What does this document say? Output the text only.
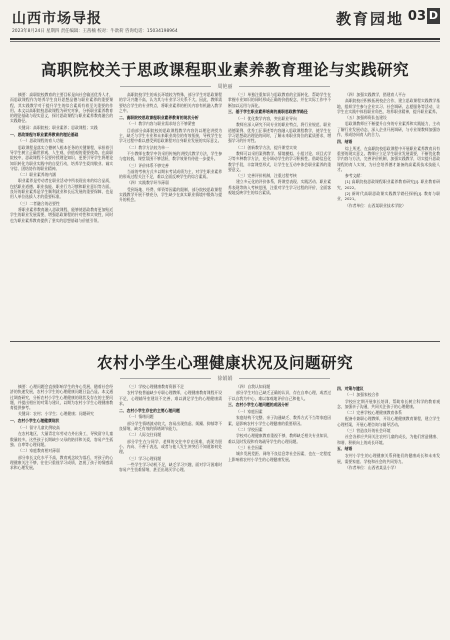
山西市场导报
2023年8月24日 星期四 责任编辑：王茜楠 校对：牛歆荷 咨询电话：15034198964
教育园地 03 D
高职院校关于思政课程职业素养教育理论与实践研究
周艳丽

摘要：高职院校教育的主要目标是向社会输送优秀人才，而思政课程作为培养学生良好思想品德与职业素养的重要课程，其实践教学对于提升学生的综合素质有着至关重要的作用。本文以高职院校思政课程为研究对象，分析职业素养教育的理论基础与现实意义，探讨思政课程与职业素养教育融合的实践路径。

关键词：高职院校；职业素养；思政课程；实践

一、思政课程与职业素养教育的理论基础

（一）思政课程的育人功能

思政课程是落实立德树人根本任务的关键课程，承担着引导学生树立正确世界观、人生观、价值观的重要使命。在高职院校中，思政课程不仅要传授理论知识，更要引导学生将理论知识转化为职业实践中的自觉行动，培养学生爱岗敬业、诚实守信、团结协作的职业精神。

（二）职业素养的内涵

职业素养是劳动者在职业活动中所表现出来的综合品质，包括职业道德、职业技能、职业行为习惯和职业意识等方面。良好的职业素养是学生顺利就业和长远发展的重要保障，也是用人单位选拔人才的重要标准。

（三）二者融合的必要性

将职业素养教育融入思政课程，能够使思政教育更加贴近学生的职业发展需要，增强思政课程的针对性和实效性，同时也为职业素养教育提供了坚实的思想基础与价值引领。

高职院校学生的成长环境较为特殊，部分学生对思政课程的学习兴趣不高，认为其与专业学习关系不大。因此，教师需要结合学生的专业特点，将职业素养的相关内容有机融入教学之中。

二、高职院校思政课程职业素养教育的现状分析

（一）教学内容与职业需求结合不够紧密

目前部分高职院校的思政课程教学内容仍以理论讲授为主，缺乏与学生专业和未来职业岗位的有效衔接，导致学生在学习过程中难以感受到思政课程对自身职业发展的实际意义。

（二）教学方法较为单一

不少教师在教学中仍采用传统的讲授式教学方法，学生参与度较低，课堂氛围不够活跃，教学效果有待进一步提升。

（三）评价体系不够完善

当前的考核方式多以期末考试成绩为主，对学生职业素养的形成过程关注不足，难以全面反映学生的综合素质。

（四）实践教学环节薄弱

受到场地、经费、师资等因素的限制，部分院校思政课程实践教学开展不够充分，学生缺少在真实职业情境中锻炼与提升的机会。

（三）单独注重知识与思政教育的全面转化，帮助学生在掌握专业知识的同时形成正确的价值观念，并在实际工作中不断加以运用与深化。

三、基于学生职业素养培育的高职思政教学路径

（一）优化教学内容，突出职业导向

教师应深入研究不同专业的职业特点，将行业规范、职业道德案例、优秀工匠事迹等内容融入思政课程教学，使学生在学习思想政治理论的同时，了解未来职业岗位的素质要求，增强学习的针对性。

（二）创新教学方法，提升课堂实效

教师可以采用案例教学、情境模拟、小组讨论、项目式学习等多种教学方法，充分调动学生的学习积极性。借助信息化教学手段，丰富课堂形式，让学生在互动中体会职业素养的重要意义。

（三）完善评价机制，注重过程考核

建立多元化的评价体系，将课堂表现、实践活动、职业素养表现等纳入考核范围，注重对学生学习过程的评价，全面客观地反映学生的综合素质。

（四）加强实践教学，搭建育人平台

高职院校应积极拓展校企合作，建立思政课程实践教学基地，组织学生参与企业实习、社会调研、志愿服务等活动，让学生在实践中体验职业角色，培养职业精神，提升职业素养。

（五）加强师资队伍建设

思政课教师应不断提升自身的专业素养和实践能力，主动了解行业发展动态，深入企业开展调研，与专业课教师加强协作，形成协同育人的合力。

四、结语

综上所述，在高职院校思政课程中开展职业素养教育具有重要的现实意义。教师应立足学生职业发展需要，不断优化教学内容与方法，完善评价机制，加强实践教学，切实提升思政课程的育人实效，为社会培养德才兼备的高素质技术技能人才。

参考文献：

[1] 高职院校思政课程职业素养教育研究[J]. 职业教育研究，2022。

[2] 新时代高职思政课实践教学路径探析[J]. 教育与职业，2021。

（作者单位：山西某职业技术学院）

农村小学生心理健康状况及问题研究
徐娟娟

摘要：心理问题会直接影响学生的身心发展，随着社会经济的快速发展，农村小学生的心理健康问题日益凸显。本文通过调查研究，分析农村小学生心理健康的现状及存在的主要问题，并提出相应的对策与建议，以期为农村小学生心理健康教育提供参考。

关键词：农村；小学生；心理健康；问题研究

一、农村小学生心理健康现状

（一）留守儿童比例较高

在农村地区，大量青壮年劳动力外出务工，导致留守儿童数量较多。这些孩子长期缺少父母的陪伴和关爱，容易产生孤独、自卑等心理问题。

（二）家庭教育相对薄弱

部分家长文化水平不高，教育观念较为落后，对孩子的心理健康关注不够，往往只重视学习成绩，忽视了孩子的情感需求和心理发展。

（三）学校心理健康教育资源不足

农村学校普遍缺少专职心理教师，心理健康教育课程开设不足，心理辅导室建设不完善，难以满足学生的心理健康需求。

二、农村小学生存在的主要心理问题

（一）情绪问题

部分学生情绪波动较大，容易出现焦虑、烦躁、抑郁等不良情绪，缺乏有效的情绪调节能力。

（二）人际交往问题

部分学生在与同学、老师的交往中存在困难，表现为胆小、内向、不善于表达，或者与他人发生冲突后不知道如何处理。

（三）学习心理问题

一些学生学习动机不足，缺乏学习兴趣，面对学习困难时容易产生畏难情绪，甚至出现厌学心理。

（四）自我认知问题

部分学生对自己缺乏正确的认识，存在自卑心理，或者过于以自我为中心，难以客观地评价自己和他人。

三、农村小学生心理问题的成因分析

（一）家庭因素

家庭结构不完整、亲子沟通缺乏、教养方式不当等家庭因素，是影响农村小学生心理健康的重要原因。

（二）学校因素

学校对心理健康教育重视不够，教师缺乏相关专业知识，难以及时发现和有效疏导学生的心理问题。

（三）社会因素

城乡发展差距、网络不良信息等社会因素，也在一定程度上影响着农村小学生的心理健康发展。

四、对策与建议

（一）加强家校合作

学校应定期开展家长培训，帮助家长树立科学的教育观念，加强亲子沟通，共同关注孩子的心理健康。

（二）完善学校心理健康教育体系

配备专兼职心理教师，开设心理健康教育课程，建立学生心理档案，开展心理咨询与辅导活动。

（三）营造良好的社会环境

社会各界应共同关注农村儿童的成长，为他们营造健康、和谐、积极向上的成长环境。

五、结语

农村小学生的心理健康关系到他们的健康成长和未来发展，需要家庭、学校和社会的共同努力。

（作者单位：山西省某县小学）
